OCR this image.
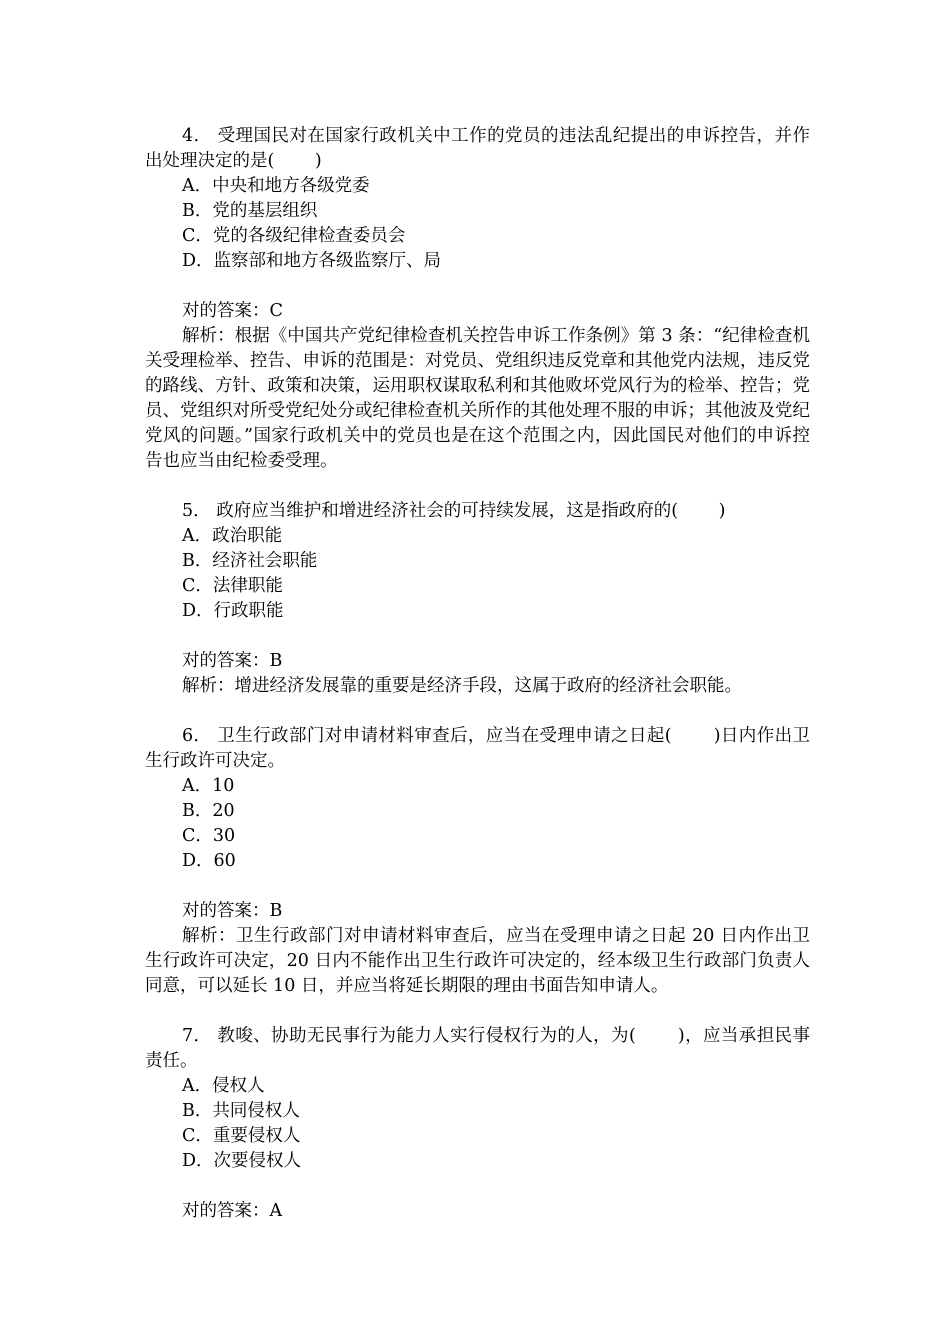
4． 受理国民对在国家行政机关中工作的党员的违法乱纪提出的申诉控告，并作出处理决定的是(　　 )
A．中央和地方各级党委
B．党的基层组织
C．党的各级纪律检查委员会
D．监察部和地方各级监察厅、局
对的答案：C
解析：根据《中国共产党纪律检查机关控告申诉工作条例》第 3 条：“纪律检查机关受理检举、控告、申诉的范围是：对党员、党组织违反党章和其他党内法规，违反党的路线、方针、政策和决策，运用职权谋取私利和其他败坏党风行为的检举、控告；党员、党组织对所受党纪处分或纪律检查机关所作的其他处理不服的申诉；其他波及党纪党风的问题。”国家行政机关中的党员也是在这个范围之内，因此国民对他们的申诉控告也应当由纪检委受理。
5． 政府应当维护和增进经济社会的可持续发展，这是指政府的(　　 )
A．政治职能
B．经济社会职能
C．法律职能
D．行政职能
对的答案：B
解析：增进经济发展靠的重要是经济手段，这属于政府的经济社会职能。
6． 卫生行政部门对申请材料审查后，应当在受理申请之日起(　　 )日内作出卫生行政许可决定。
A．10
B．20
C．30
D．60
对的答案：B
解析：卫生行政部门对申请材料审查后，应当在受理申请之日起 20 日内作出卫生行政许可决定，20 日内不能作出卫生行政许可决定的，经本级卫生行政部门负责人同意，可以延长 10 日，并应当将延长期限的理由书面告知申请人。
7． 教唆、协助无民事行为能力人实行侵权行为的人，为(　　 )，应当承担民事责任。
A．侵权人
B．共同侵权人
C．重要侵权人
D．次要侵权人
对的答案：A
